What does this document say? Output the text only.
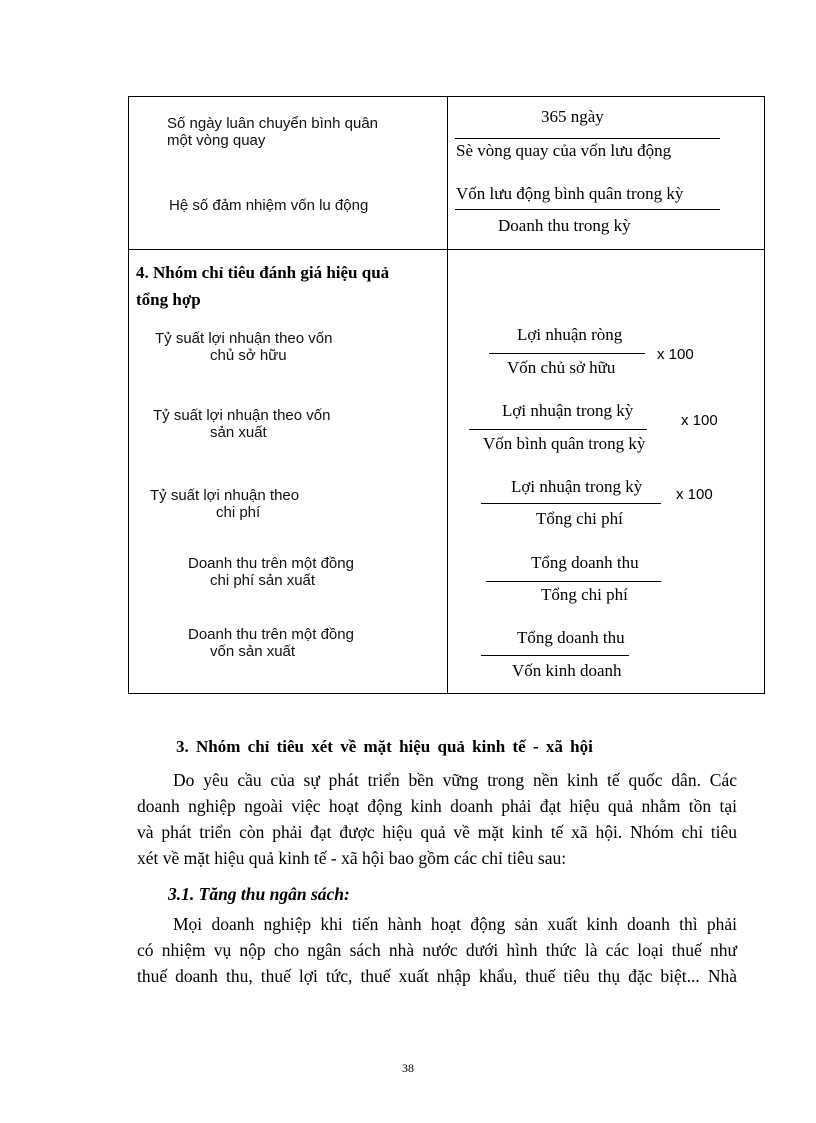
Số ngày luân chuyển bình quân
một vòng quay
365 ngày
Sè vòng quay của vốn lưu động
Hệ số đảm nhiệm vốn lu động
Vốn lưu động bình quân trong kỳ
Doanh thu trong kỳ
4. Nhóm chỉ tiêu đánh giá hiệu quả
tổng hợp
Tỷ suất lợi nhuận theo vốn
chủ sở hữu
Lợi nhuận ròng
Vốn chủ sở hữu
x 100
Tỷ suất lợi nhuận theo vốn
sản xuất
Lợi nhuận trong kỳ
Vốn bình quân trong kỳ
x 100
Tỷ suất lợi nhuận theo
chi phí
Lợi nhuận trong kỳ
Tổng chi phí
x 100
Doanh thu trên một đồng
chi phí sản xuất
Tổng doanh thu
Tổng chi phí
Doanh thu trên một đồng
vốn sản xuất
Tổng doanh thu
Vốn kinh doanh
3. Nhóm chỉ tiêu xét về mặt hiệu quả kinh tế - xã hội
Do yêu cầu của sự phát triển bền vững trong nền kinh tế quốc dân. Các
doanh nghiệp ngoài việc hoạt động kinh doanh phải đạt hiệu quả nhằm tồn tại
và phát triển còn phải đạt được hiệu quả về mặt kinh tế xã hội. Nhóm chỉ tiêu
xét về mặt hiệu quả kinh tế - xã hội bao gồm các chỉ tiêu sau:
3.1. Tăng thu ngân sách:
Mọi doanh nghiệp khi tiến hành hoạt động sản xuất kinh doanh thì phải
có nhiệm vụ nộp cho ngân sách nhà nước dưới hình thức là các loại thuế như
thuế doanh thu, thuế lợi tức, thuế xuất nhập khẩu, thuế tiêu thụ đặc biệt... Nhà
38
